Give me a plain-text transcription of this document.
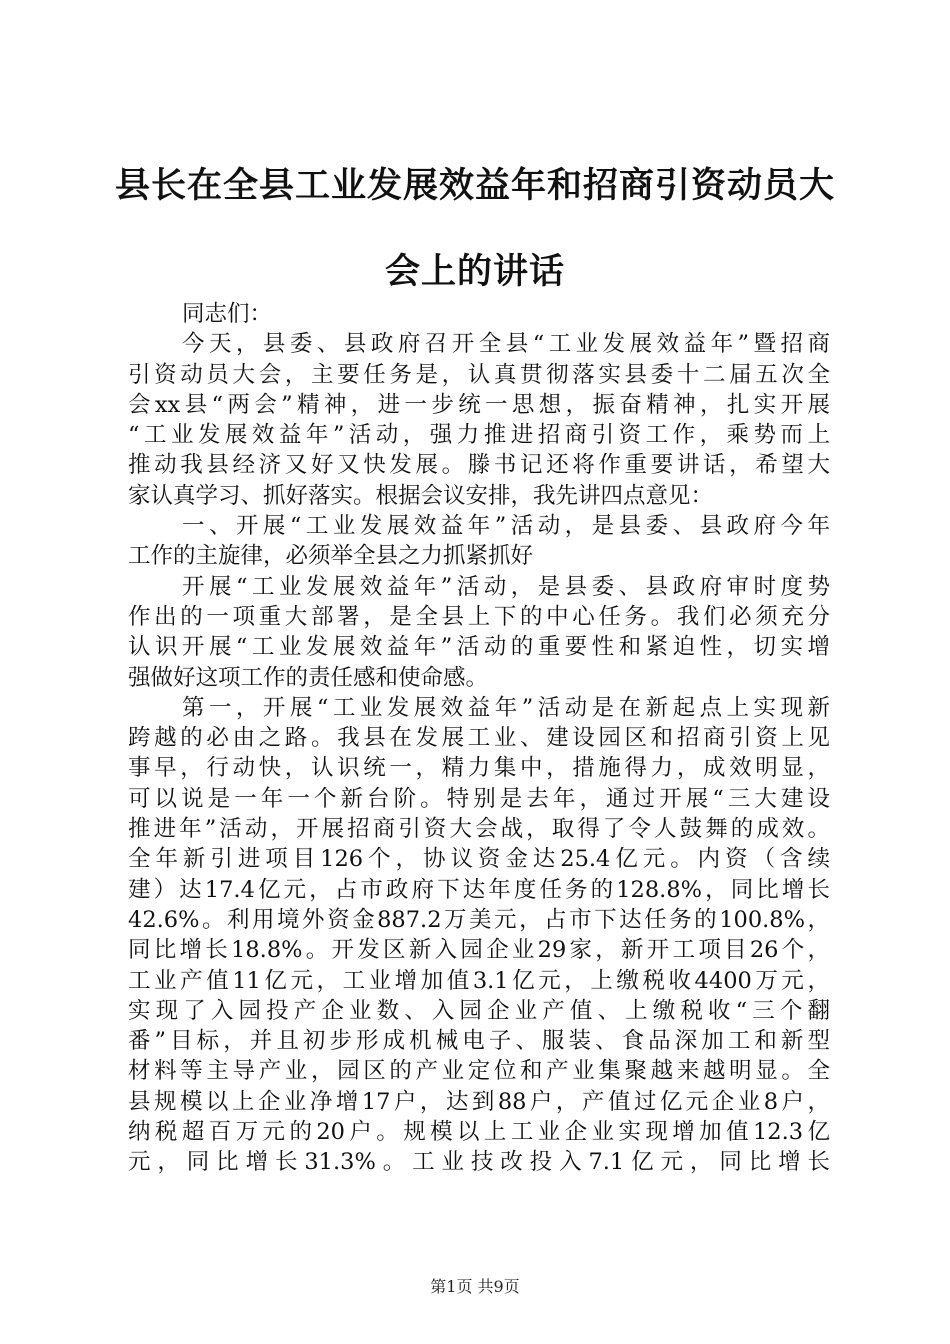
县长在全县工业发展效益年和招商引资动员大
会上的讲话
同志们：
今天，县委、县政府召开全县“工业发展效益年”暨招商
引资动员大会，主要任务是，认真贯彻落实县委十二届五次全
会xx县“两会”精神，进一步统一思想，振奋精神，扎实开展
“工业发展效益年”活动，强力推进招商引资工作，乘势而上
推动我县经济又好又快发展。滕书记还将作重要讲话，希望大
家认真学习、抓好落实。根据会议安排，我先讲四点意见：
一、开展“工业发展效益年”活动，是县委、县政府今年
工作的主旋律，必须举全县之力抓紧抓好
开展“工业发展效益年”活动，是县委、县政府审时度势
作出的一项重大部署，是全县上下的中心任务。我们必须充分
认识开展“工业发展效益年”活动的重要性和紧迫性，切实增
强做好这项工作的责任感和使命感。
第一，开展“工业发展效益年”活动是在新起点上实现新
跨越的必由之路。我县在发展工业、建设园区和招商引资上见
事早，行动快，认识统一，精力集中，措施得力，成效明显，
可以说是一年一个新台阶。特别是去年，通过开展“三大建设
推进年”活动，开展招商引资大会战，取得了令人鼓舞的成效。
全年新引进项目126个，协议资金达25.4亿元。内资（含续
建）达17.4亿元，占市政府下达年度任务的128.8%，同比增长
42.6%。利用境外资金887.2万美元，占市下达任务的100.8%，
同比增长18.8%。开发区新入园企业29家，新开工项目26个，
工业产值11亿元，工业增加值3.1亿元，上缴税收4400万元，
实现了入园投产企业数、入园企业产值、上缴税收“三个翻
番”目标，并且初步形成机械电子、服装、食品深加工和新型
材料等主导产业，园区的产业定位和产业集聚越来越明显。全
县规模以上企业净增17户，达到88户，产值过亿元企业8户，
纳税超百万元的20户。规模以上工业企业实现增加值12.3亿
元，同比增长31.3%。工业技改投入7.1亿元，同比增长

第1页 共9页
